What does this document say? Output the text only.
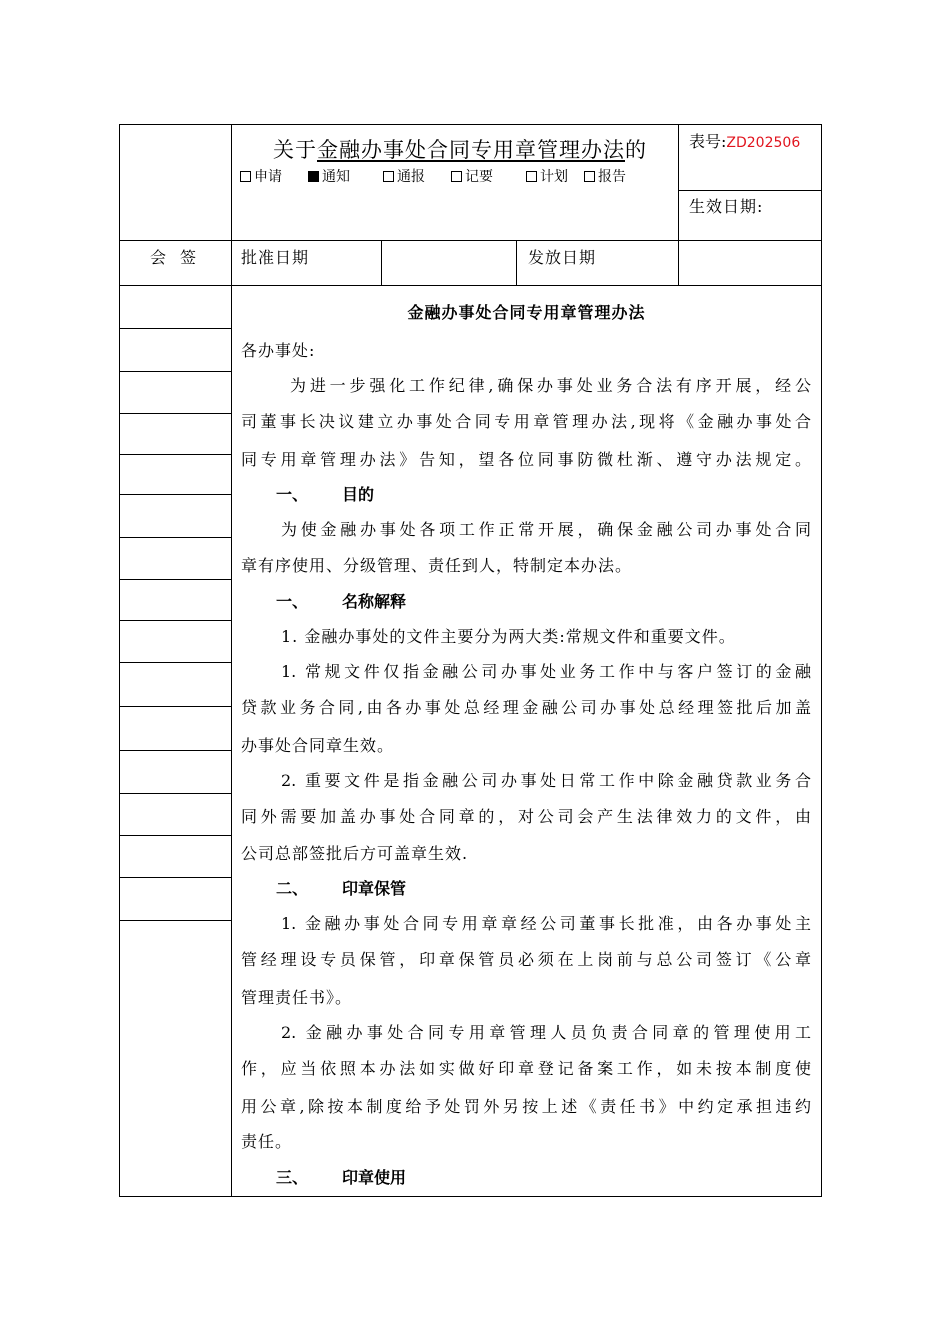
关于金融办事处合同专用章管理办法的
申请	通知	通报	记要	计划	报告
表号:ZD202506
生效日期:
会签 批准日期	发放日期
金融办事处合同专用章管理办法
各办事处:
为进一步强化工作纪律,确保办事处业务合法有序开展，经公
司董事长决议建立办事处合同专用章管理办法,现将《金融办事处合
同专用章管理办法》告知，望各位同事防微杜渐、遵守办法规定。
一、 目的
为使金融办事处各项工作正常开展，确保金融公司办事处合同
章有序使用、分级管理、责任到人，特制定本办法。
一、 名称解释
1. 金融办事处的文件主要分为两大类:常规文件和重要文件。
1. 常规文件仅指金融公司办事处业务工作中与客户签订的金融
贷款业务合同,由各办事处总经理金融公司办事处总经理签批后加盖
办事处合同章生效。
2. 重要文件是指金融公司办事处日常工作中除金融贷款业务合
同外需要加盖办事处合同章的，对公司会产生法律效力的文件，由
公司总部签批后方可盖章生效.
二、 印章保管
1. 金融办事处合同专用章章经公司董事长批准，由各办事处主
管经理设专员保管，印章保管员必须在上岗前与总公司签订《公章
管理责任书》。
2. 金融办事处合同专用章管理人员负责合同章的管理使用工
作，应当依照本办法如实做好印章登记备案工作，如未按本制度使
用公章,除按本制度给予处罚外另按上述《责任书》中约定承担违约
责任。
三、 印章使用
